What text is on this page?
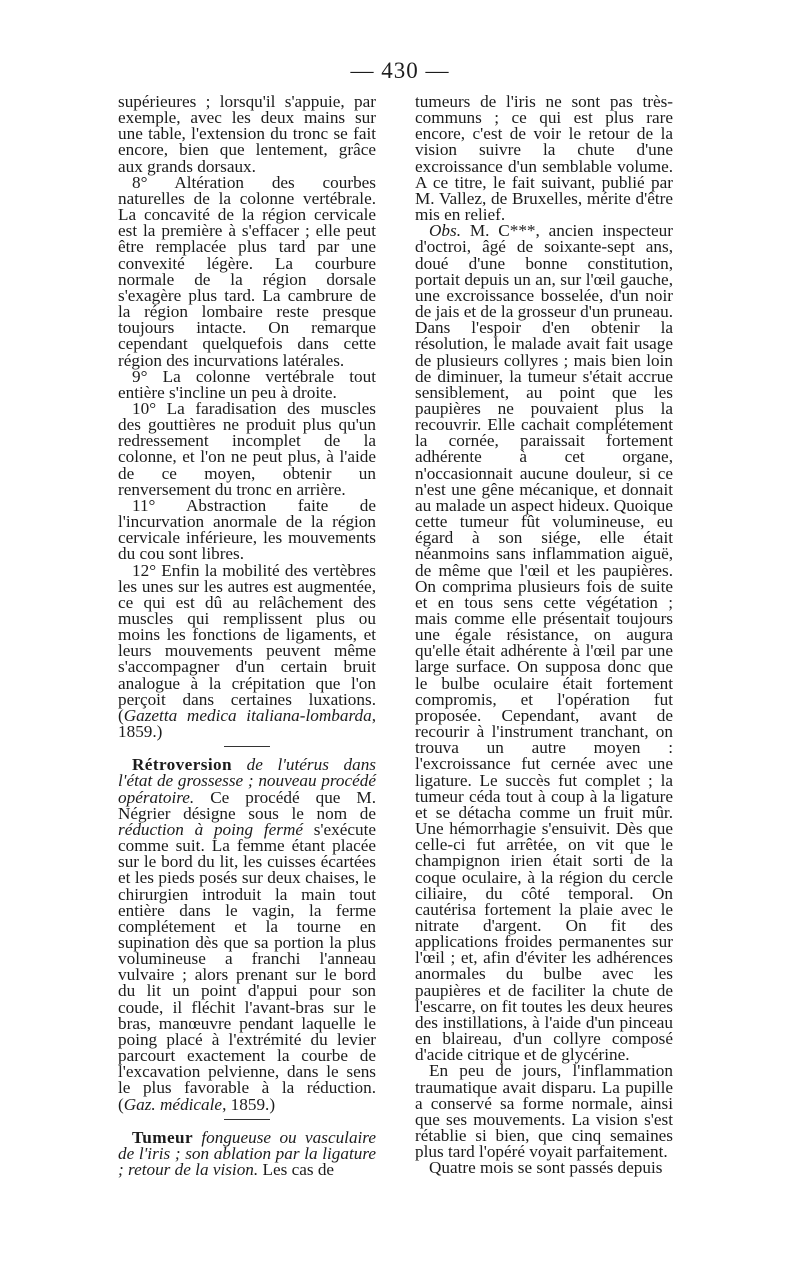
— 430 —

supérieures ; lorsqu'il s'appuie, par exemple, avec les deux mains sur une table, l'extension du tronc se fait encore, bien que lentement, grâce aux grands dorsaux.

8° Altération des courbes naturelles de la colonne vertébrale. La concavité de la région cervicale est la première à s'effacer ; elle peut être remplacée plus tard par une convexité légère. La courbure normale de la région dorsale s'exagère plus tard. La cambrure de la région lombaire reste presque toujours intacte. On remarque cependant quelquefois dans cette région des incurvations latérales.

9° La colonne vertébrale tout entière s'incline un peu à droite.

10° La faradisation des muscles des gouttières ne produit plus qu'un redressement incomplet de la colonne, et l'on ne peut plus, à l'aide de ce moyen, obtenir un renversement du tronc en arrière.

11° Abstraction faite de l'incurvation anormale de la région cervicale inférieure, les mouvements du cou sont libres.

12° Enfin la mobilité des vertèbres les unes sur les autres est augmentée, ce qui est dû au relâchement des muscles qui remplissent plus ou moins les fonctions de ligaments, et leurs mouvements peuvent même s'accompagner d'un certain bruit analogue à la crépitation que l'on perçoit dans certaines luxations. (Gazetta medica italiana-lombarda, 1859.)

Rétroversion de l'utérus dans l'état de grossesse ; nouveau procédé opératoire. Ce procédé que M. Négrier désigne sous le nom de réduction à poing fermé s'exécute comme suit. La femme étant placée sur le bord du lit, les cuisses écartées et les pieds posés sur deux chaises, le chirurgien introduit la main tout entière dans le vagin, la ferme complétement et la tourne en supination dès que sa portion la plus volumineuse a franchi l'anneau vulvaire ; alors prenant sur le bord du lit un point d'appui pour son coude, il fléchit l'avant-bras sur le bras, manœuvre pendant laquelle le poing placé à l'extrémité du levier parcourt exactement la courbe de l'excavation pelvienne, dans le sens le plus favorable à la réduction. (Gaz. médicale, 1859.)

Tumeur fongueuse ou vasculaire de l'iris ; son ablation par la ligature ; retour de la vision. Les cas de

tumeurs de l'iris ne sont pas très-communs ; ce qui est plus rare encore, c'est de voir le retour de la vision suivre la chute d'une excroissance d'un semblable volume. A ce titre, le fait suivant, publié par M. Vallez, de Bruxelles, mérite d'être mis en relief.

Obs. M. C***, ancien inspecteur d'octroi, âgé de soixante-sept ans, doué d'une bonne constitution, portait depuis un an, sur l'œil gauche, une excroissance bosselée, d'un noir de jais et de la grosseur d'un pruneau. Dans l'espoir d'en obtenir la résolution, le malade avait fait usage de plusieurs collyres ; mais bien loin de diminuer, la tumeur s'était accrue sensiblement, au point que les paupières ne pouvaient plus la recouvrir. Elle cachait complétement la cornée, paraissait fortement adhérente à cet organe, n'occasionnait aucune douleur, si ce n'est une gêne mécanique, et donnait au malade un aspect hideux. Quoique cette tumeur fût volumineuse, eu égard à son siége, elle était néanmoins sans inflammation aiguë, de même que l'œil et les paupières. On comprima plusieurs fois de suite et en tous sens cette végétation ; mais comme elle présentait toujours une égale résistance, on augura qu'elle était adhérente à l'œil par une large surface. On supposa donc que le bulbe oculaire était fortement compromis, et l'opération fut proposée. Cependant, avant de recourir à l'instrument tranchant, on trouva un autre moyen : l'excroissance fut cernée avec une ligature. Le succès fut complet ; la tumeur céda tout à coup à la ligature et se détacha comme un fruit mûr. Une hémorrhagie s'ensuivit. Dès que celle-ci fut arrêtée, on vit que le champignon irien était sorti de la coque oculaire, à la région du cercle ciliaire, du côté temporal. On cautérisa fortement la plaie avec le nitrate d'argent. On fit des applications froides permanentes sur l'œil ; et, afin d'éviter les adhérences anormales du bulbe avec les paupières et de faciliter la chute de l'escarre, on fit toutes les deux heures des instillations, à l'aide d'un pinceau en blaireau, d'un collyre composé d'acide citrique et de glycérine.

En peu de jours, l'inflammation traumatique avait disparu. La pupille a conservé sa forme normale, ainsi que ses mouvements. La vision s'est rétablie si bien, que cinq semaines plus tard l'opéré voyait parfaitement.

Quatre mois se sont passés depuis
